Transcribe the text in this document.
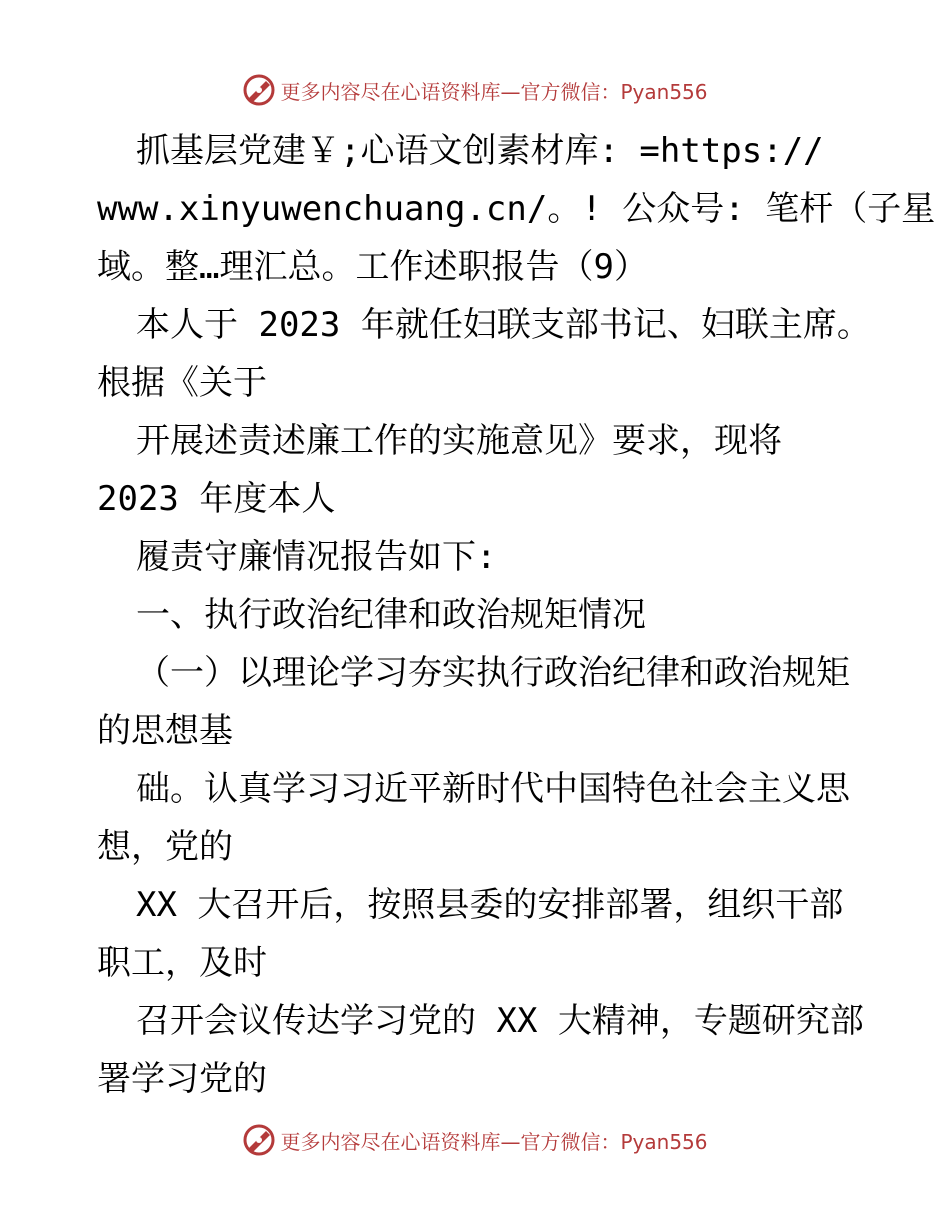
更多内容尽在心语资料库—官方微信：Pyan556
抓基层党建￥;心语文创素材库: =https://
www.xinyuwenchuang.cn/。! 公众号: 笔杆（子星
域。整…理汇总。工作述职报告（9）
本人于 2023 年就任妇联支部书记、妇联主席。
根据《关于
开展述责述廉工作的实施意见》要求，现将
2023 年度本人
履责守廉情况报告如下:
一、执行政治纪律和政治规矩情况
（一）以理论学习夯实执行政治纪律和政治规矩
的思想基
础。认真学习习近平新时代中国特色社会主义思
想，党的
XX 大召开后，按照县委的安排部署，组织干部
职工，及时
召开会议传达学习党的 XX 大精神，专题研究部
署学习党的
更多内容尽在心语资料库—官方微信：Pyan556
